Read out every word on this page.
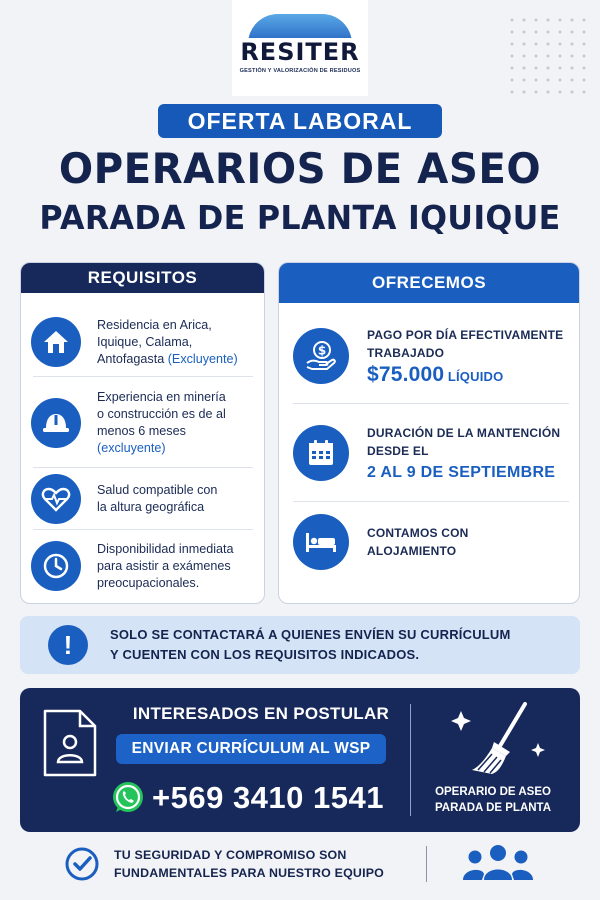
RESITER
GESTIÓN Y VALORIZACIÓN DE RESIDUOS
OFERTA LABORAL
OPERARIOS DE ASEO
PARADA DE PLANTA IQUIQUE
REQUISITOS
Residencia en Arica,
Iquique, Calama,
Antofagasta (Excluyente)
Experiencia en minería
o construcción es de al
menos 6 meses
(excluyente)
Salud compatible con
la altura geográfica
Disponibilidad inmediata
para asistir a exámenes
preocupacionales.
OFRECEMOS
$
PAGO POR DÍA EFECTIVAMENTE
TRABAJADO
$75.000 LÍQUIDO
DURACIÓN DE LA MANTENCIÓN
DESDE EL
2 AL 9 DE SEPTIEMBRE
CONTAMOS CON
ALOJAMIENTO
!	SOLO SE CONTACTARÁ A QUIENES ENVÍEN SU CURRÍCULUM
Y CUENTEN CON LOS REQUISITOS INDICADOS.
INTERESADOS EN POSTULAR
ENVIAR CURRÍCULUM AL WSP
+569 3410 1541	OPERARIO DE ASEO
PARADA DE PLANTA
TU SEGURIDAD Y COMPROMISO SON
FUNDAMENTALES PARA NUESTRO EQUIPO
